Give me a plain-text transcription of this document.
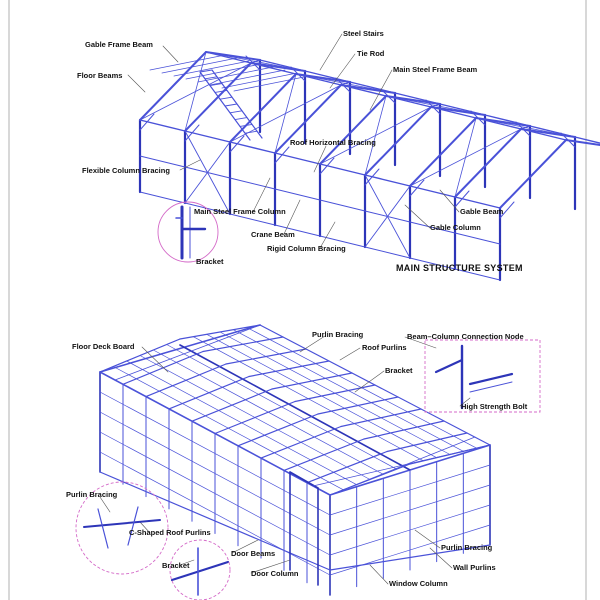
Gable Frame Beam
Steel Stairs
Tie Rod
Floor Beams
Main Steel Frame Beam
Roof Horizontal Bracing
Flexible Column Bracing
Main Steel Frame Column	Gable Beam
Crane Beam
Gable Column
Rigid Column Bracing
Bracket
MAIN STRUCTURE SYSTEM
Floor Deck Board
Purlin Bracing	Beam–Column Connection Node
Roof Purlins
Bracket
High Strength Bolt
Purlin Bracing
C-Shaped Roof Purlins
Door Beams
Purlin Bracing
Bracket	Wall Purlins
Door Column
Window Column
